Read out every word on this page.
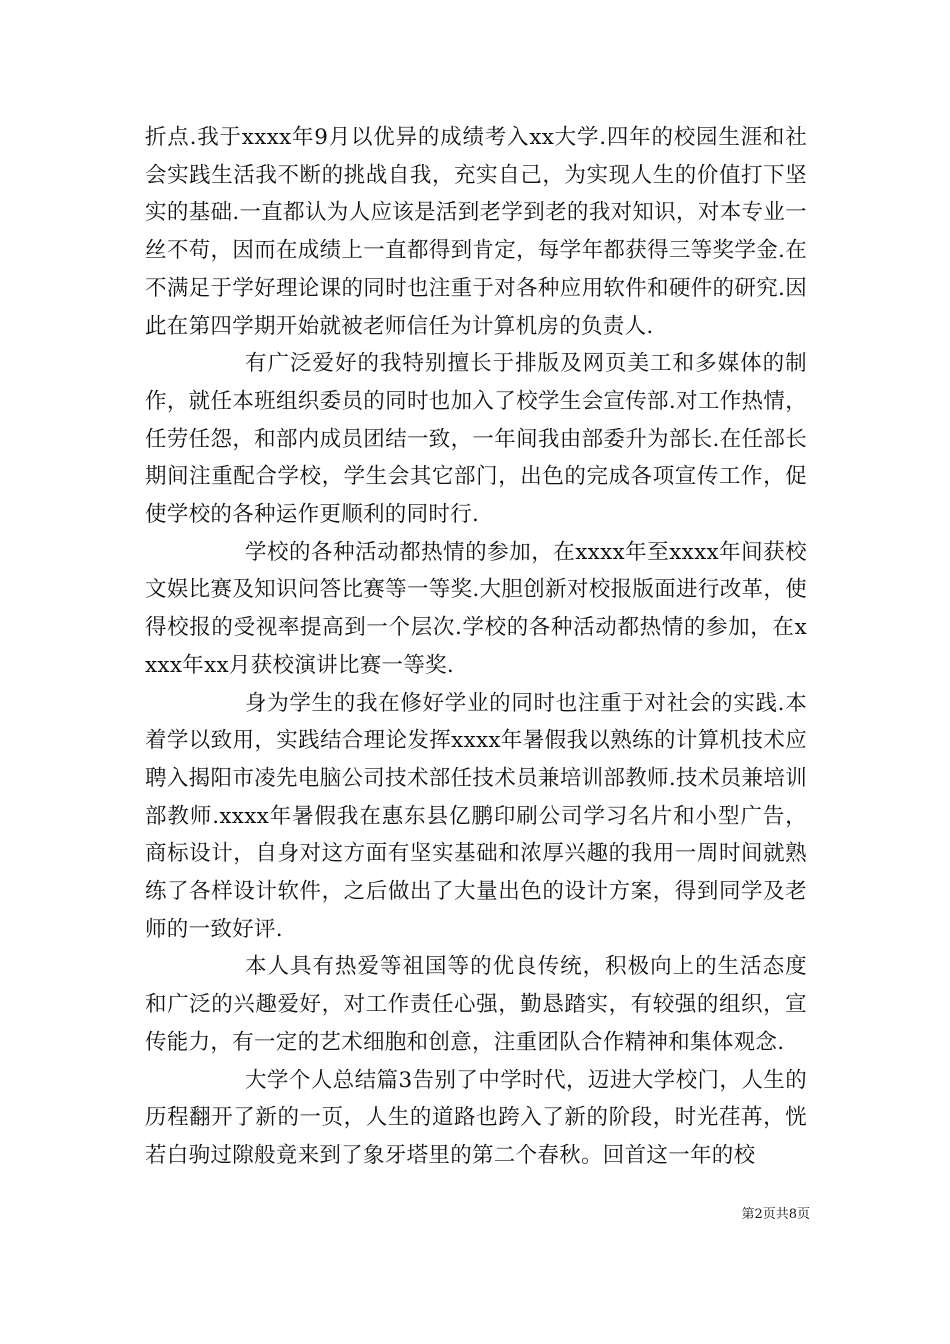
折点.我于xxxx年9月以优异的成绩考入xx大学.四年的校园生涯和社会实践生活我不断的挑战自我，充实自己，为实现人生的价值打下坚实的基础.一直都认为人应该是活到老学到老的我对知识，对本专业一丝不苟，因而在成绩上一直都得到肯定，每学年都获得三等奖学金.在不满足于学好理论课的同时也注重于对各种应用软件和硬件的研究.因此在第四学期开始就被老师信任为计算机房的负责人.

有广泛爱好的我特别擅长于排版及网页美工和多媒体的制作，就任本班组织委员的同时也加入了校学生会宣传部.对工作热情，任劳任怨，和部内成员团结一致，一年间我由部委升为部长.在任部长期间注重配合学校，学生会其它部门，出色的完成各项宣传工作，促使学校的各种运作更顺利的同时行.

学校的各种活动都热情的参加，在xxxx年至xxxx年间获校文娱比赛及知识问答比赛等一等奖.大胆创新对校报版面进行改革，使得校报的受视率提高到一个层次.学校的各种活动都热情的参加，在xxxx年xx月获校演讲比赛一等奖.

身为学生的我在修好学业的同时也注重于对社会的实践.本着学以致用，实践结合理论发挥xxxx年暑假我以熟练的计算机技术应聘入揭阳市凌先电脑公司技术部任技术员兼培训部教师.技术员兼培训部教师.xxxx年暑假我在惠东县亿鹏印刷公司学习名片和小型广告，商标设计，自身对这方面有坚实基础和浓厚兴趣的我用一周时间就熟练了各样设计软件，之后做出了大量出色的设计方案，得到同学及老师的一致好评.

本人具有热爱等祖国等的优良传统，积极向上的生活态度和广泛的兴趣爱好，对工作责任心强，勤恳踏实，有较强的组织，宣传能力，有一定的艺术细胞和创意，注重团队合作精神和集体观念.

大学个人总结篇3告别了中学时代，迈进大学校门，人生的历程翻开了新的一页，人生的道路也跨入了新的阶段，时光荏苒，恍若白驹过隙般竟来到了象牙塔里的第二个春秋。回首这一年的校

第2页共8页
